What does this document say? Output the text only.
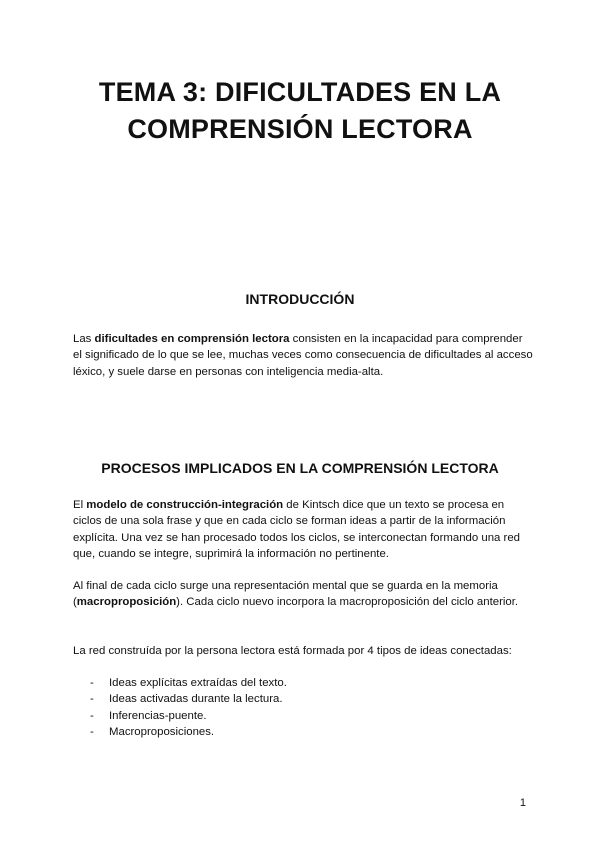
TEMA 3: DIFICULTADES EN LA
COMPRENSIÓN LECTORA
INTRODUCCIÓN

Las dificultades en comprensión lectora consisten en la incapacidad para comprender el significado de lo que se lee, muchas veces como consecuencia de dificultades al acceso léxico, y suele darse en personas con inteligencia media-alta.

PROCESOS IMPLICADOS EN LA COMPRENSIÓN LECTORA

El modelo de construcción-integración de Kintsch dice que un texto se procesa en ciclos de una sola frase y que en cada ciclo se forman ideas a partir de la información explícita. Una vez se han procesado todos los ciclos, se interconectan formando una red que, cuando se integre, suprimirá la información no pertinente.

Al final de cada ciclo surge una representación mental que se guarda en la memoria (macroproposición). Cada ciclo nuevo incorpora la macroproposición del ciclo anterior.

La red construída por la persona lectora está formada por 4 tipos de ideas conectadas:

- Ideas explícitas extraídas del texto.
- Ideas activadas durante la lectura.
- Inferencias-puente.
- Macroproposiciones.
1
